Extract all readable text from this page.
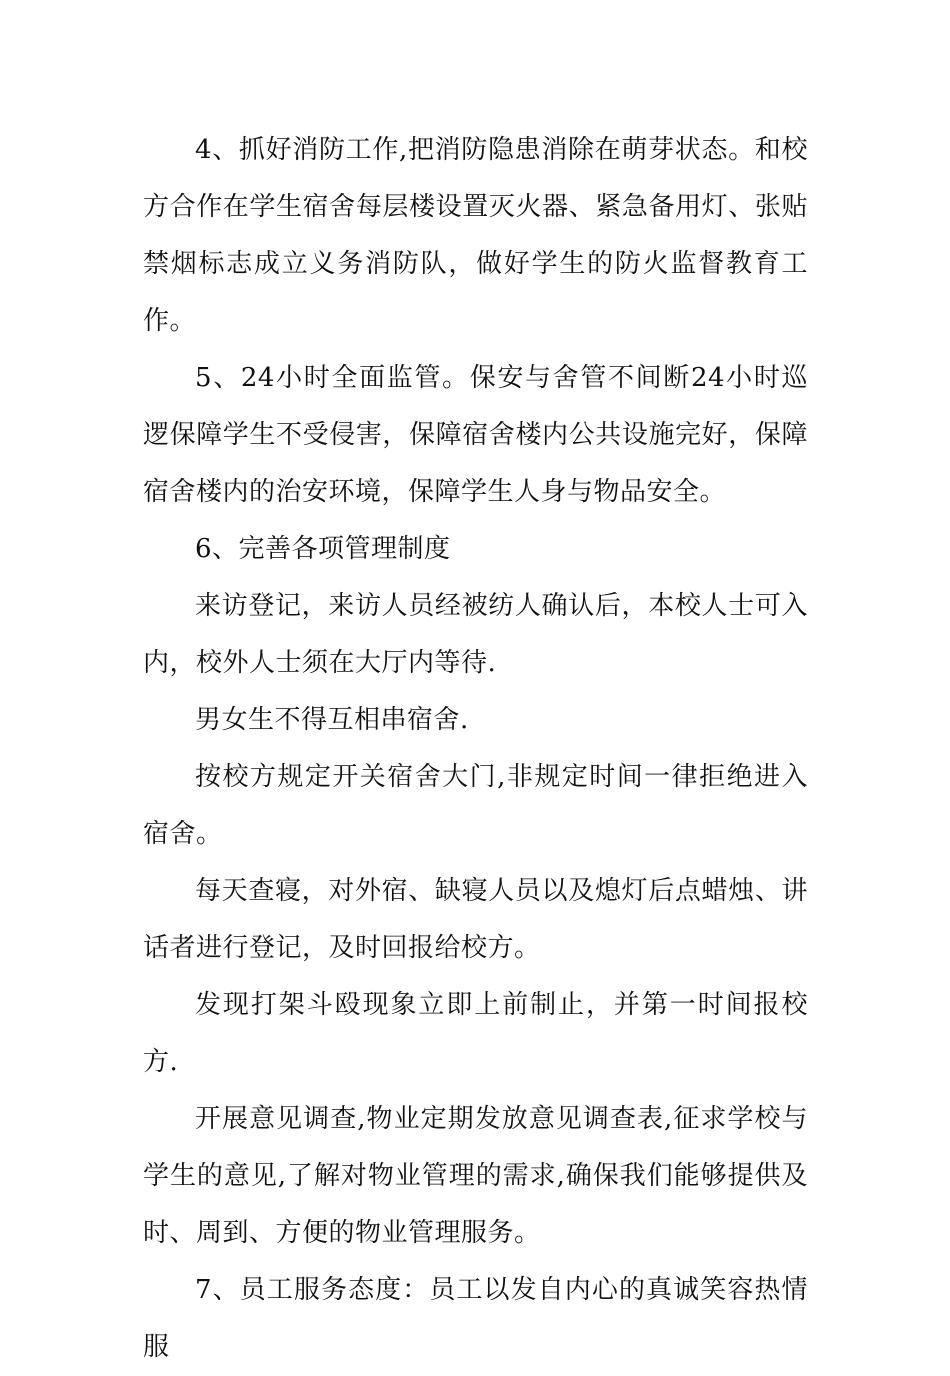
4、抓好消防工作,把消防隐患消除在萌芽状态。和校方合作在学生宿舍每层楼设置灭火器、紧急备用灯、张贴禁烟标志成立义务消防队，做好学生的防火监督教育工作。

5、24小时全面监管。保安与舍管不间断24小时巡逻保障学生不受侵害，保障宿舍楼内公共设施完好，保障宿舍楼内的治安环境，保障学生人身与物品安全。

6、完善各项管理制度

来访登记，来访人员经被纺人确认后，本校人士可入内，校外人士须在大厅内等待.

男女生不得互相串宿舍.

按校方规定开关宿舍大门,非规定时间一律拒绝进入宿舍。

每天查寝，对外宿、缺寝人员以及熄灯后点蜡烛、讲话者进行登记，及时回报给校方。

发现打架斗殴现象立即上前制止，并第一时间报校方.

开展意见调查,物业定期发放意见调查表,征求学校与学生的意见,了解对物业管理的需求,确保我们能够提供及时、周到、方便的物业管理服务。

7、员工服务态度：员工以发自内心的真诚笑容热情服
